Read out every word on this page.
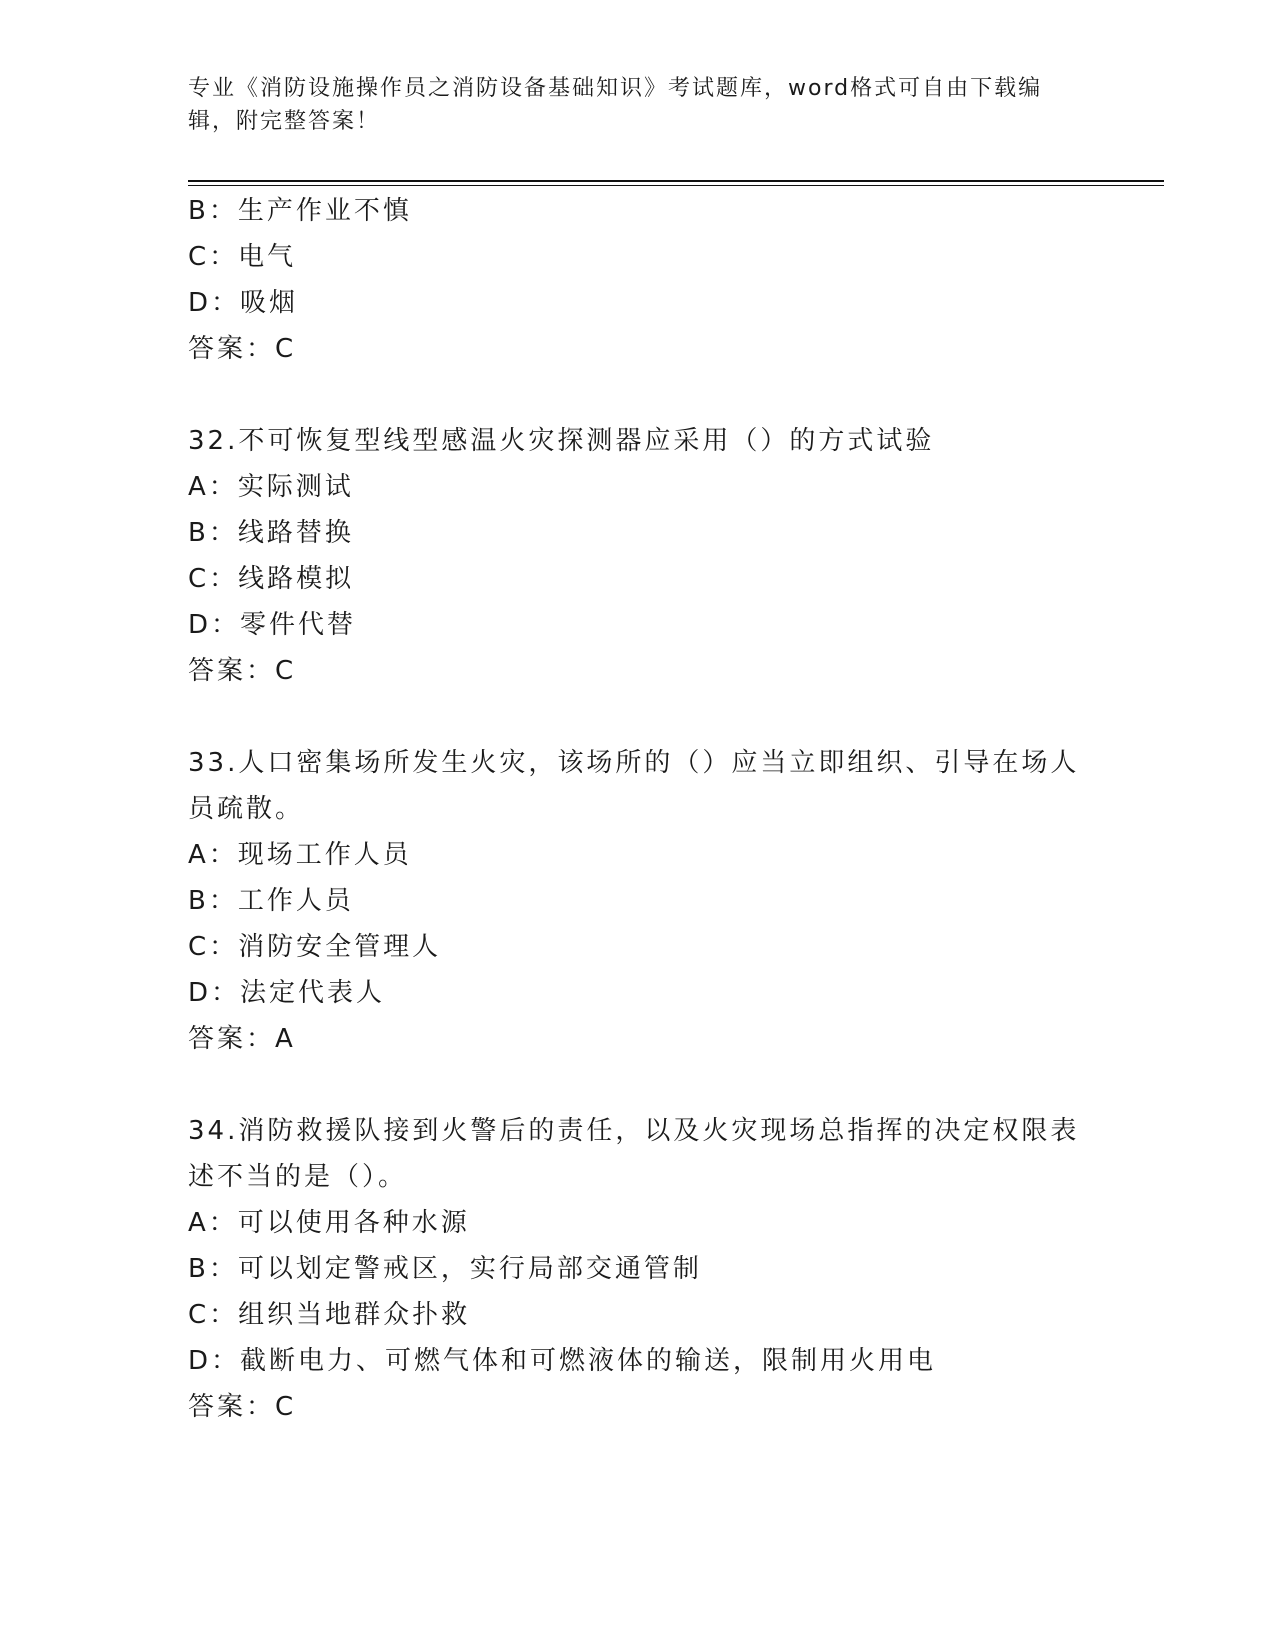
专业《消防设施操作员之消防设备基础知识》考试题库，word格式可自由下载编辑，附完整答案！
B：生产作业不慎
C：电气
D：吸烟
答案：C
32.不可恢复型线型感温火灾探测器应采用（）的方式试验
A：实际测试
B：线路替换
C：线路模拟
D：零件代替
答案：C
33.人口密集场所发生火灾，该场所的（）应当立即组织、引导在场人员疏散。
A：现场工作人员
B：工作人员
C：消防安全管理人
D：法定代表人
答案：A
34.消防救援队接到火警后的责任，以及火灾现场总指挥的决定权限表述不当的是（）。
A：可以使用各种水源
B：可以划定警戒区，实行局部交通管制
C：组织当地群众扑救
D：截断电力、可燃气体和可燃液体的输送，限制用火用电
答案：C
